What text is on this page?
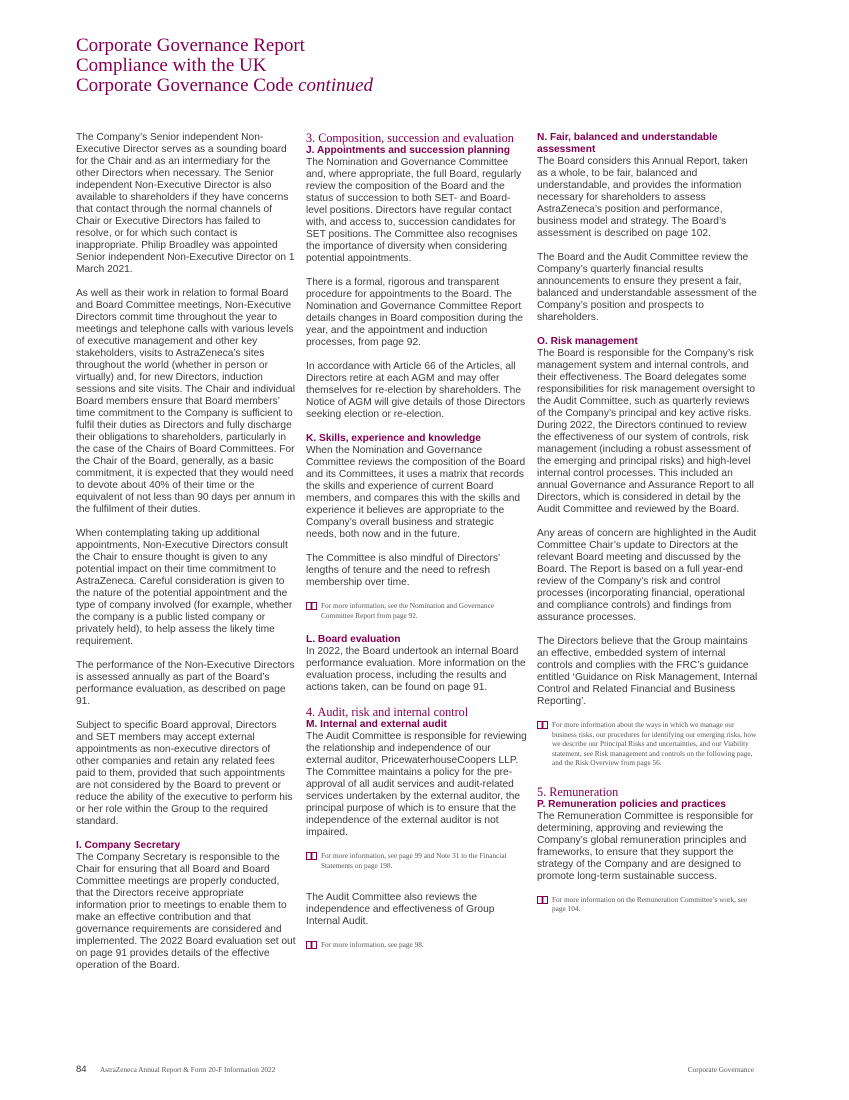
Corporate Governance Report
Compliance with the UK
Corporate Governance Code continued

The Company’s Senior independent Non-Executive Director serves as a sounding board for the Chair and as an intermediary for the other Directors when necessary. The Senior independent Non-Executive Director is also available to shareholders if they have concerns that contact through the normal channels of Chair or Executive Directors has failed to resolve, or for which such contact is inappropriate. Philip Broadley was appointed Senior independent Non-Executive Director on 1 March 2021.

As well as their work in relation to formal Board and Board Committee meetings, Non-Executive Directors commit time throughout the year to meetings and telephone calls with various levels of executive management and other key stakeholders, visits to AstraZeneca’s sites throughout the world (whether in person or virtually) and, for new Directors, induction sessions and site visits. The Chair and individual Board members ensure that Board members’ time commitment to the Company is sufficient to fulfil their duties as Directors and fully discharge their obligations to shareholders, particularly in the case of the Chairs of Board Committees. For the Chair of the Board, generally, as a basic commitment, it is expected that they would need to devote about 40% of their time or the equivalent of not less than 90 days per annum in the fulfilment of their duties.

When contemplating taking up additional appointments, Non-Executive Directors consult the Chair to ensure thought is given to any potential impact on their time commitment to AstraZeneca. Careful consideration is given to the nature of the potential appointment and the type of company involved (for example, whether the company is a public listed company or privately held), to help assess the likely time requirement.

The performance of the Non-Executive Directors is assessed annually as part of the Board’s performance evaluation, as described on page 91.

Subject to specific Board approval, Directors and SET members may accept external appointments as non-executive directors of other companies and retain any related fees paid to them, provided that such appointments are not considered by the Board to prevent or reduce the ability of the executive to perform his or her role within the Group to the required standard.

I. Company Secretary

The Company Secretary is responsible to the Chair for ensuring that all Board and Board Committee meetings are properly conducted, that the Directors receive appropriate information prior to meetings to enable them to make an effective contribution and that governance requirements are considered and implemented. The 2022 Board evaluation set out on page 91 provides details of the effective operation of the Board.

3. Composition, succession and evaluation
J. Appointments and succession planning

The Nomination and Governance Committee and, where appropriate, the full Board, regularly review the composition of the Board and the status of succession to both SET- and Board-level positions. Directors have regular contact with, and access to, succession candidates for SET positions. The Committee also recognises the importance of diversity when considering potential appointments.

There is a formal, rigorous and transparent procedure for appointments to the Board. The Nomination and Governance Committee Report details changes in Board composition during the year, and the appointment and induction processes, from page 92.

In accordance with Article 66 of the Articles, all Directors retire at each AGM and may offer themselves for re-election by shareholders. The Notice of AGM will give details of those Directors seeking election or re-election.

K. Skills, experience and knowledge

When the Nomination and Governance Committee reviews the composition of the Board and its Committees, it uses a matrix that records the skills and experience of current Board members, and compares this with the skills and experience it believes are appropriate to the Company’s overall business and strategic needs, both now and in the future.

The Committee is also mindful of Directors’ lengths of tenure and the need to refresh membership over time.

For more information, see the Nomination and Governance Committee Report from page 92.
L. Board evaluation

In 2022, the Board undertook an internal Board performance evaluation. More information on the evaluation process, including the results and actions taken, can be found on page 91.

4. Audit, risk and internal control
M. Internal and external audit

The Audit Committee is responsible for reviewing the relationship and independence of our external auditor, PricewaterhouseCoopers LLP. The Committee maintains a policy for the pre-approval of all audit services and audit-related services undertaken by the external auditor, the principal purpose of which is to ensure that the independence of the external auditor is not impaired.

For more information, see page 99 and Note 31 to the Financial Statements on page 198.

The Audit Committee also reviews the independence and effectiveness of Group Internal Audit.

For more information, see page 98.
N. Fair, balanced and understandable assessment

The Board considers this Annual Report, taken as a whole, to be fair, balanced and understandable, and provides the information necessary for shareholders to assess AstraZeneca’s position and performance, business model and strategy. The Board’s assessment is described on page 102.

The Board and the Audit Committee review the Company’s quarterly financial results announcements to ensure they present a fair, balanced and understandable assessment of the Company’s position and prospects to shareholders.

O. Risk management

The Board is responsible for the Company’s risk management system and internal controls, and their effectiveness. The Board delegates some responsibilities for risk management oversight to the Audit Committee, such as quarterly reviews of the Company’s principal and key active risks. During 2022, the Directors continued to review the effectiveness of our system of controls, risk management (including a robust assessment of the emerging and principal risks) and high-level internal control processes. This included an annual Governance and Assurance Report to all Directors, which is considered in detail by the Audit Committee and reviewed by the Board.

Any areas of concern are highlighted in the Audit Committee Chair’s update to Directors at the relevant Board meeting and discussed by the Board. The Report is based on a full year-end review of the Company’s risk and control processes (incorporating financial, operational and compliance controls) and findings from assurance processes.

The Directors believe that the Group maintains an effective, embedded system of internal controls and complies with the FRC’s guidance entitled ‘Guidance on Risk Management, Internal Control and Related Financial and Business Reporting’.

For more information about the ways in which we manage our business risks, our procedures for identifying our emerging risks, how we describe our Principal Risks and uncertainties, and our Viability statement, see Risk management and controls on the following page, and the Risk Overview from page 56.
5. Remuneration
P. Remuneration policies and practices

The Remuneration Committee is responsible for determining, approving and reviewing the Company’s global remuneration principles and frameworks, to ensure that they support the strategy of the Company and are designed to promote long-term sustainable success.

For more information on the Remuneration Committee’s work, see page 104.
84 AstraZeneca Annual Report & Form 20-F Information 2022	Corporate Governance
